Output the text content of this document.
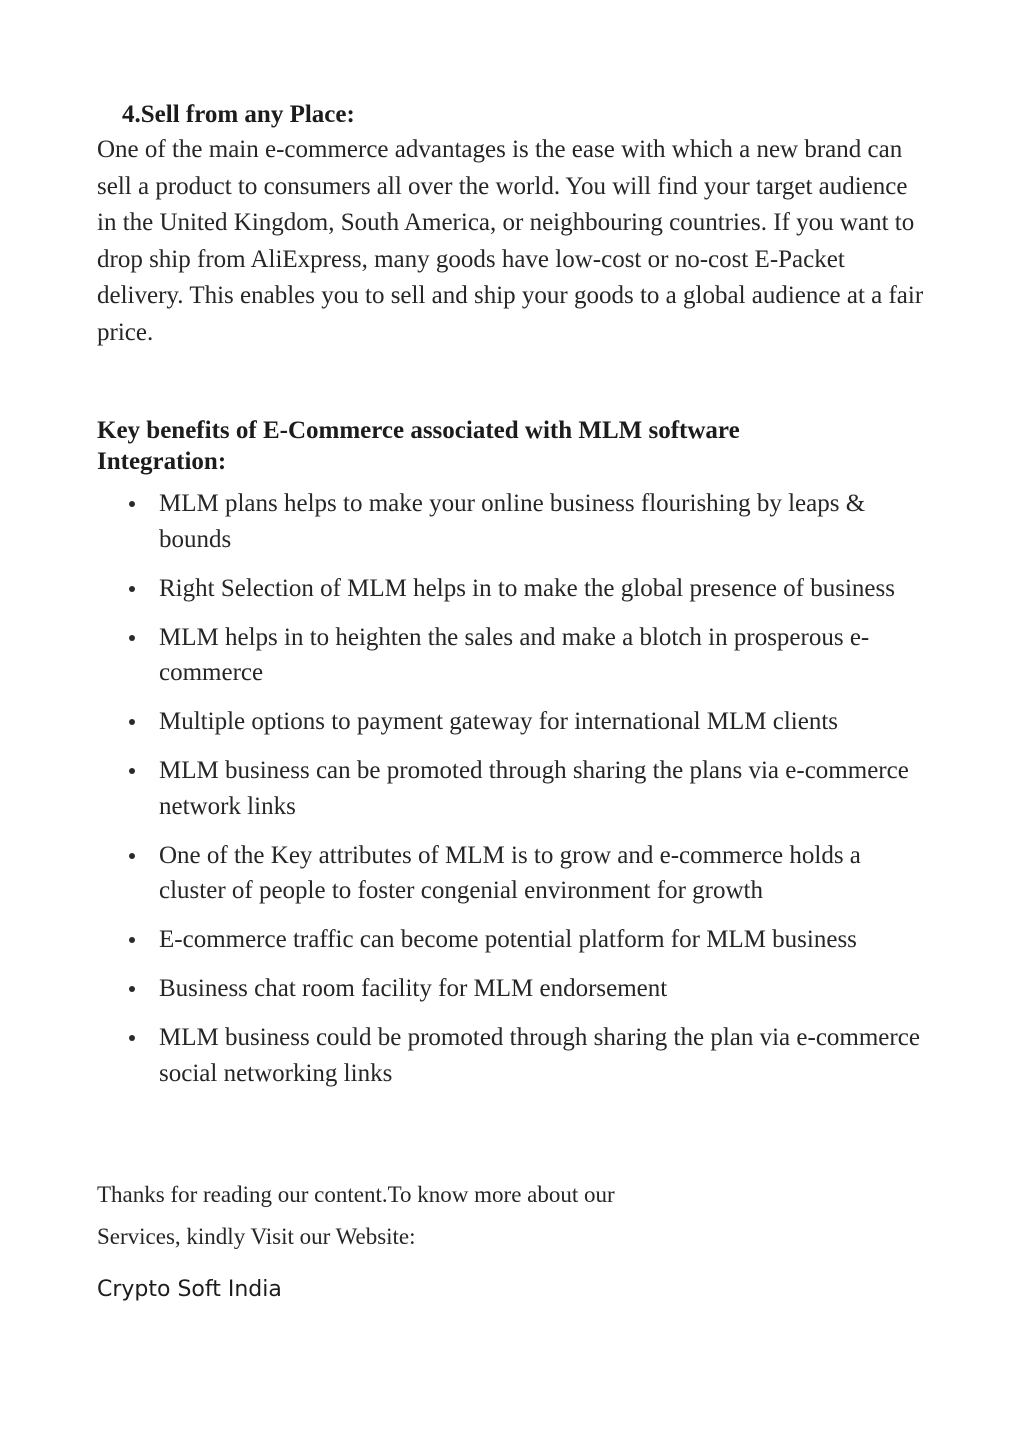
4.Sell from any Place:

One of the main e-commerce advantages is the ease with which a new brand can sell a product to consumers all over the world. You will find your target audience in the United Kingdom, South America, or neighbouring countries. If you want to drop ship from AliExpress, many goods have low-cost or no-cost E-Packet delivery. This enables you to sell and ship your goods to a global audience at a fair price.

Key benefits of E-Commerce associated with MLM software Integration:
MLM plans helps to make your online business flourishing by leaps & bounds
Right Selection of MLM helps in to make the global presence of business
MLM helps in to heighten the sales and make a blotch in prosperous e-commerce
Multiple options to payment gateway for international MLM clients
MLM business can be promoted through sharing the plans via e-commerce network links
One of the Key attributes of MLM is to grow and e-commerce holds a cluster of people to foster congenial environment for growth
E-commerce traffic can become potential platform for MLM business
Business chat room facility for MLM endorsement
MLM business could be promoted through sharing the plan via e-commerce social networking links

Thanks for reading our content.To know more about our

Services, kindly Visit our Website:

Crypto Soft India
